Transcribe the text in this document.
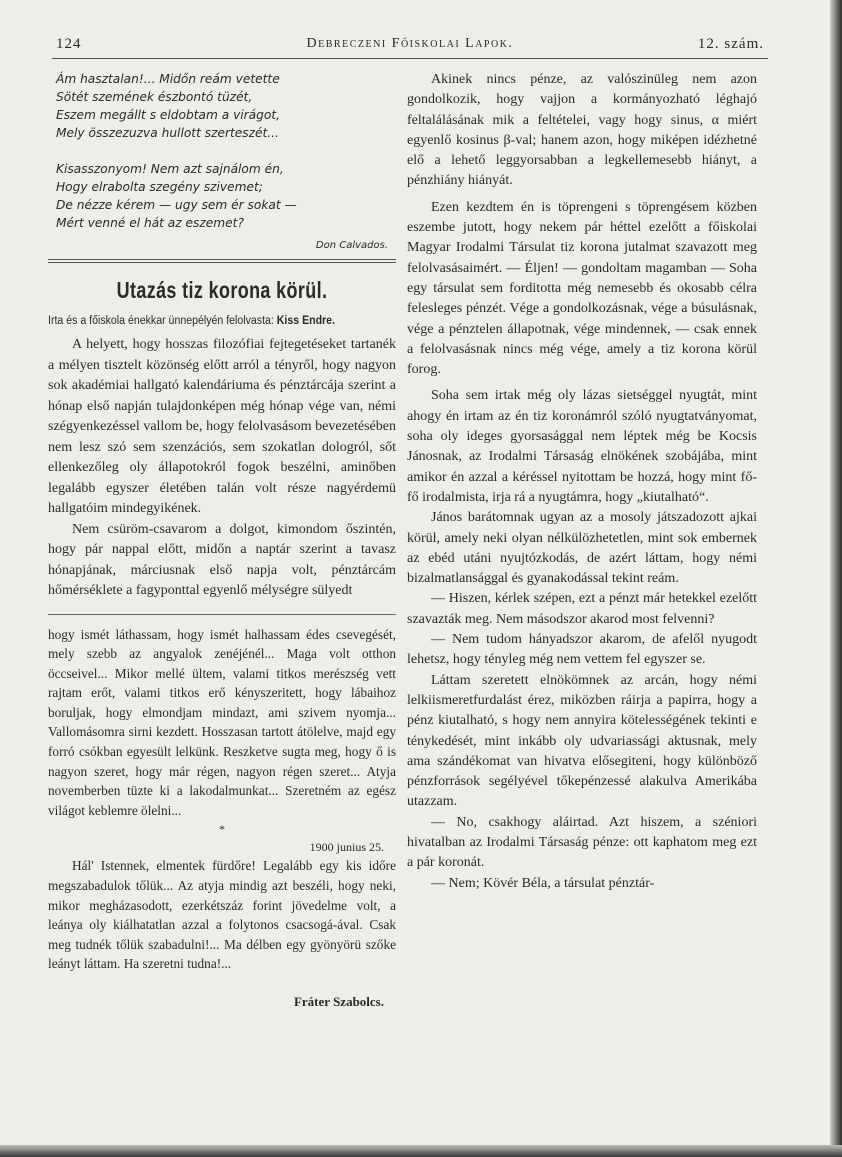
124	Debreczeni Főiskolai Lapok.	12. szám.
Ám hasztalan!... Midőn reám vetette
Sötét szemének észbontó tüzét,
Eszem megállt s eldobtam a virágot,
Mely összezuzva hullott szerteszét...
Kisasszonyom! Nem azt sajnálom én,
Hogy elrabolta szegény szivemet;
De nézze kérem — ugy sem ér sokat —
Mért venné el hát az eszemet?
Don Calvados.
Utazás tiz korona körül.
Irta és a főiskola énekkar ünnepélyén felolvasta: Kiss Endre.

A helyett, hogy hosszas filozófiai fejtegetéseket tartanék a mélyen tisztelt közönség előtt arról a tényről, hogy nagyon sok akadémiai hallgató kalendáriuma és pénztárcája szerint a hónap első napján tulajdonképen még hónap vége van, némi szégyenkezéssel vallom be, hogy felolvasásom bevezetésében nem lesz szó sem szenzációs, sem szokatlan dologról, sőt ellenkezőleg oly állapotokról fogok beszélni, aminőben legalább egyszer életében talán volt része nagyérdemü hallgatóim mindegyikének.

Nem csüröm-csavarom a dolgot, kimondom őszintén, hogy pár nappal előtt, midőn a naptár szerint a tavasz hónapjának, márciusnak első napja volt, pénztárcám hőmérséklete a fagyponttal egyenlő mélységre sülyedt

hogy ismét láthassam, hogy ismét halhassam édes csevegését, mely szebb az angyalok zenéjénél... Maga volt otthon öccseivel... Mikor mellé ültem, valami titkos merészség vett rajtam erőt, valami titkos erő kényszeritett, hogy lábaihoz boruljak, hogy elmondjam mindazt, ami szivem nyomja... Vallomásomra sirni kezdett. Hosszasan tartott átölelve, majd egy forró csókban egyesült lelkünk. Reszketve sugta meg, hogy ő is nagyon szeret, hogy már régen, nagyon régen szeret... Atyja novemberben tüzte ki a lakodalmunkat... Szeretném az egész világot keblemre ölelni...

*
1900 junius 25.

Hál' Istennek, elmentek fürdőre! Legalább egy kis időre megszabadulok tőlük... Az atyja mindig azt beszéli, hogy neki, mikor megházasodott, ezerkétszáz forint jövedelme volt, a leánya oly kiálhatatlan azzal a folytonos csacsogá-ával. Csak meg tudnék tőlük szabadulni!... Ma délben egy gyönyörü szőke leányt láttam. Ha szeretni tudna!...

Fráter Szabolcs.

Akinek nincs pénze, az valószinüleg nem azon gondolkozik, hogy vajjon a kormányozható léghajó feltalálásának mik a feltételei, vagy hogy sinus, α miért egyenlő kosinus β-val; hanem azon, hogy miképen idézhetné elő a lehető leggyorsabban a legkellemesebb hiányt, a pénzhiány hiányát.

Ezen kezdtem én is töprengeni s töprengésem közben eszembe jutott, hogy nekem pár héttel ezelőtt a főiskolai Magyar Irodalmi Társulat tiz korona jutalmat szavazott meg felolvasásaimért. — Éljen! — gondoltam magamban — Soha egy társulat sem forditotta még nemesebb és okosabb célra felesleges pénzét. Vége a gondolkozásnak, vége a búsulásnak, vége a pénztelen állapotnak, vége mindennek, — csak ennek a felolvasásnak nincs még vége, amely a tiz korona körül forog.

Soha sem irtak még oly lázas sietséggel nyugtát, mint ahogy én irtam az én tiz koronámról szóló nyugtatványomat, soha oly ideges gyorsasággal nem léptek még be Kocsis Jánosnak, az Irodalmi Társaság elnökének szobájába, mint amikor én azzal a kéréssel nyitottam be hozzá, hogy mint fő-fő irodalmista, irja rá a nyugtámra, hogy „kiutalható“.

János barátomnak ugyan az a mosoly játszadozott ajkai körül, amely neki olyan nélkülözhetetlen, mint sok embernek az ebéd utáni nyujtózkodás, de azért láttam, hogy némi bizalmatlansággal és gyanakodással tekint reám.

— Hiszen, kérlek szépen, ezt a pénzt már hetekkel ezelőtt szavazták meg. Nem másodszor akarod most felvenni?

— Nem tudom hányadszor akarom, de afelől nyugodt lehetsz, hogy tényleg még nem vettem fel egyszer se.

Láttam szeretett elnökömnek az arcán, hogy némi lelkiismeretfurdalást érez, miközben ráirja a papirra, hogy a pénz kiutalható, s hogy nem annyira kötelességének tekinti e ténykedését, mint inkább oly udvariassági aktusnak, mely ama szándékomat van hivatva elősegiteni, hogy különböző pénzforrások segélyével tőkepénzessé alakulva Amerikába utazzam.

— No, csakhogy aláirtad. Azt hiszem, a széniori hivatalban az Irodalmi Társaság pénze: ott kaphatom meg ezt a pár koronát.

— Nem; Kövér Béla, a társulat pénztár-
